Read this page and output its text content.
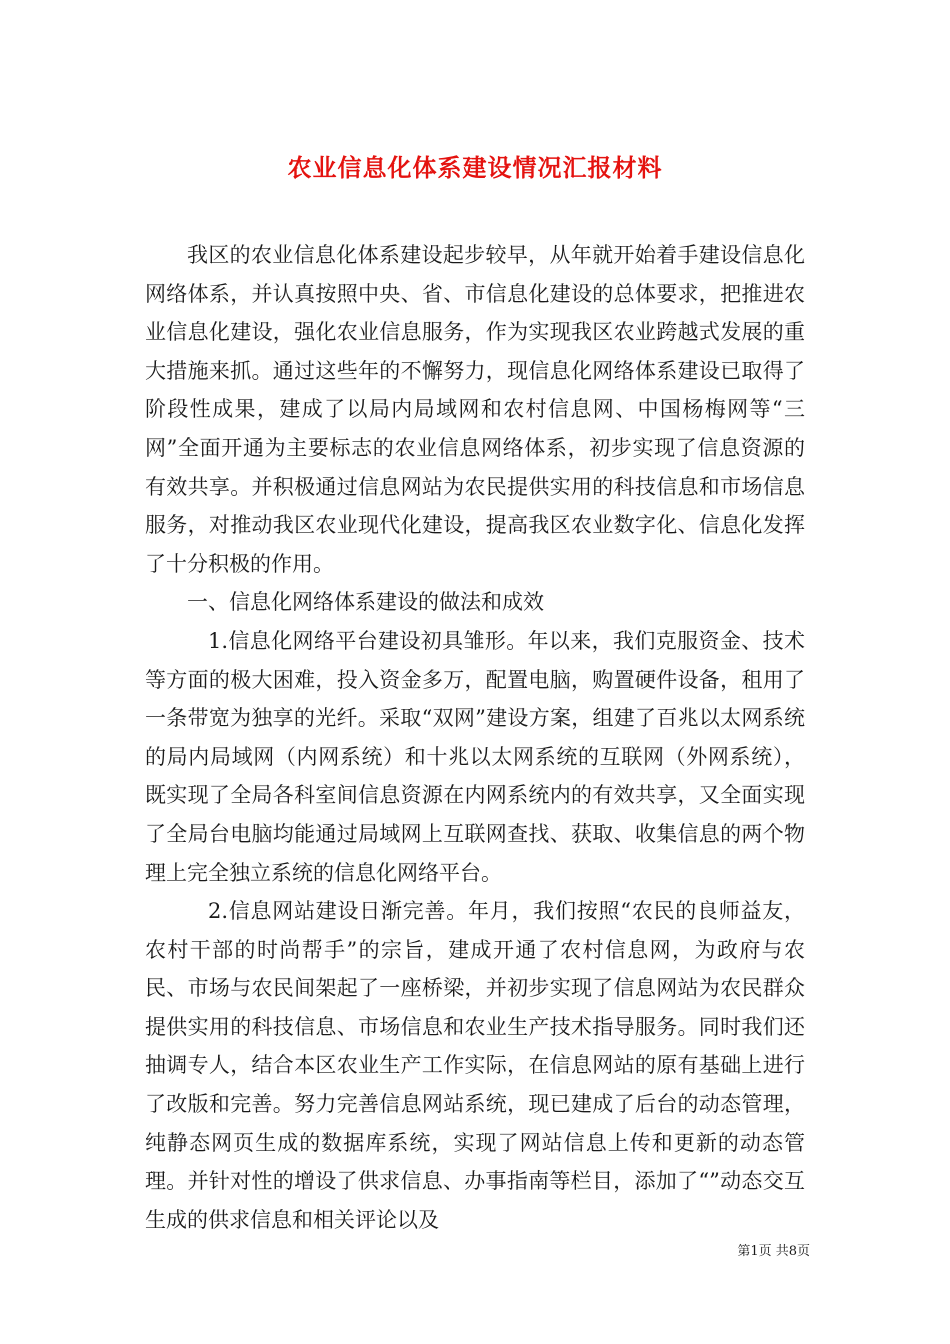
农业信息化体系建设情况汇报材料

我区的农业信息化体系建设起步较早，从年就开始着手建设信息化网络体系，并认真按照中央、省、市信息化建设的总体要求，把推进农业信息化建设，强化农业信息服务，作为实现我区农业跨越式发展的重大措施来抓。通过这些年的不懈努力，现信息化网络体系建设已取得了阶段性成果，建成了以局内局域网和农村信息网、中国杨梅网等“三网”全面开通为主要标志的农业信息网络体系，初步实现了信息资源的有效共享。并积极通过信息网站为农民提供实用的科技信息和市场信息服务，对推动我区农业现代化建设，提高我区农业数字化、信息化发挥了十分积极的作用。

一、信息化网络体系建设的做法和成效

1.信息化网络平台建设初具雏形。年以来，我们克服资金、技术等方面的极大困难，投入资金多万，配置电脑，购置硬件设备，租用了一条带宽为独享的光纤。采取“双网”建设方案，组建了百兆以太网系统的局内局域网（内网系统）和十兆以太网系统的互联网（外网系统），既实现了全局各科室间信息资源在内网系统内的有效共享，又全面实现了全局台电脑均能通过局域网上互联网查找、获取、收集信息的两个物理上完全独立系统的信息化网络平台。

2.信息网站建设日渐完善。年月，我们按照“农民的良师益友，农村干部的时尚帮手”的宗旨，建成开通了农村信息网，为政府与农民、市场与农民间架起了一座桥梁，并初步实现了信息网站为农民群众提供实用的科技信息、市场信息和农业生产技术指导服务。同时我们还抽调专人，结合本区农业生产工作实际，在信息网站的原有基础上进行了改版和完善。努力完善信息网站系统，现已建成了后台的动态管理，纯静态网页生成的数据库系统，实现了网站信息上传和更新的动态管理。并针对性的增设了供求信息、办事指南等栏目，添加了“”动态交互生成的供求信息和相关评论以及

第1页 共8页
